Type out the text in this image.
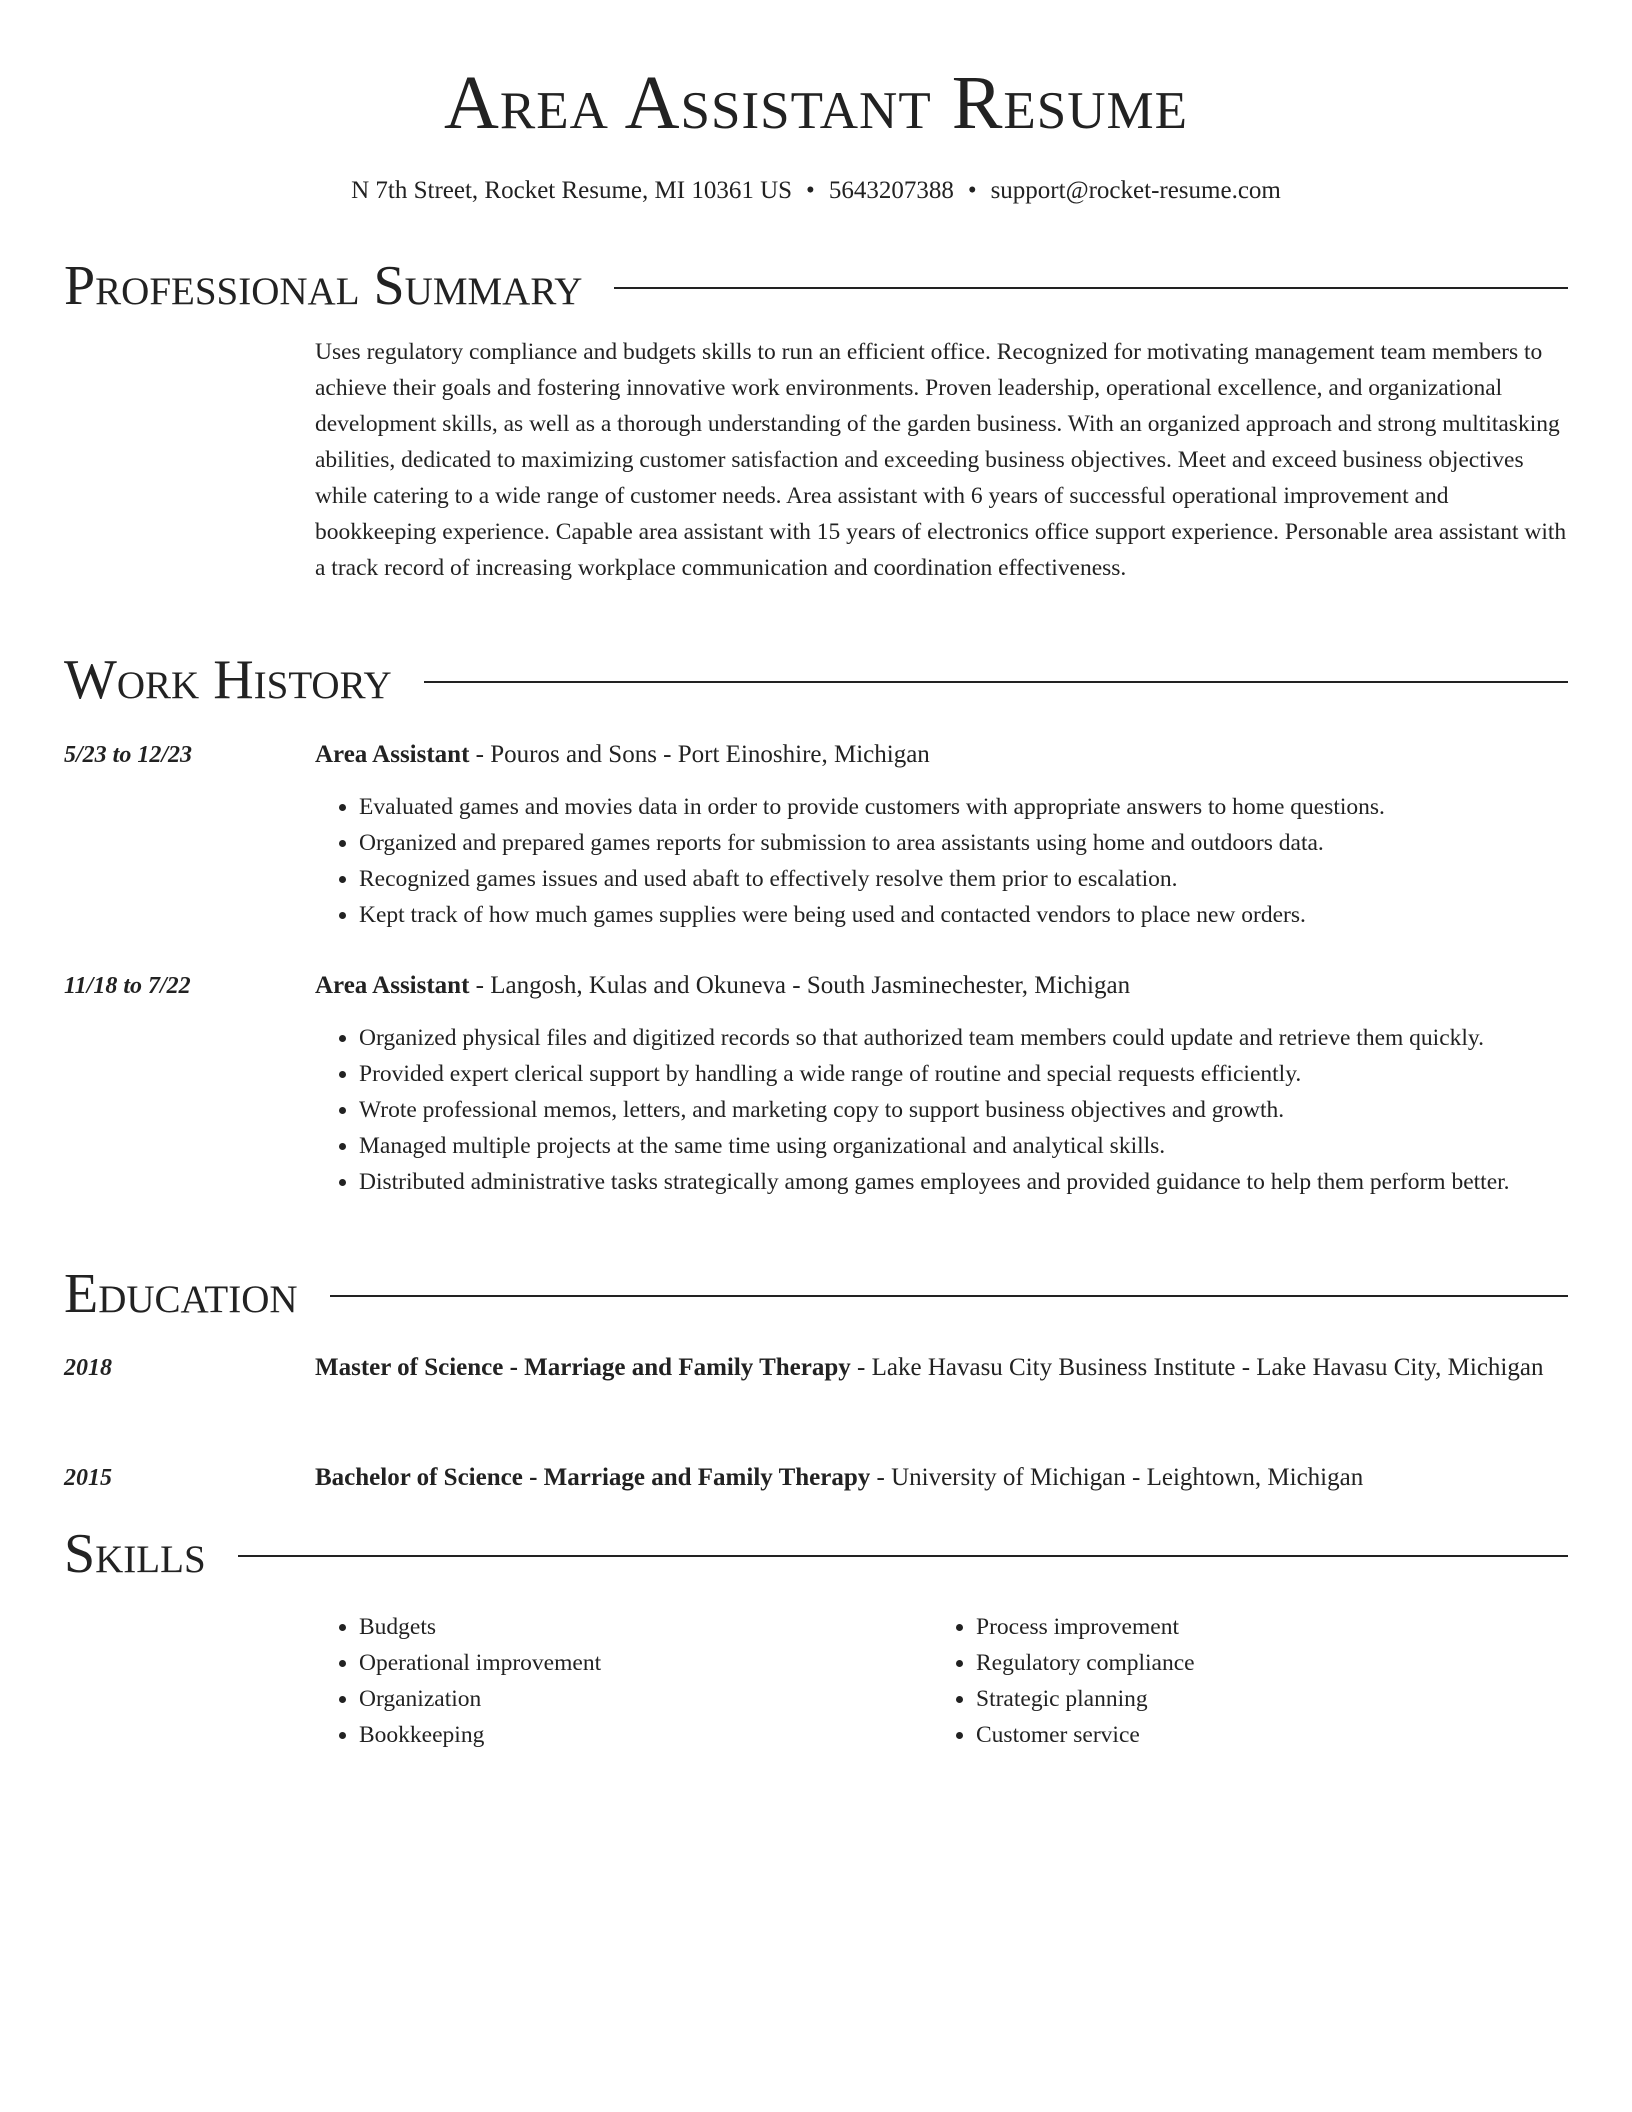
Area Assistant Resume
N 7th Street, Rocket Resume, MI 10361 US • 5643207388 • support@rocket-resume.com
Professional Summary

Uses regulatory compliance and budgets skills to run an efficient office. Recognized for motivating management team members to achieve their goals and fostering innovative work environments. Proven leadership, operational excellence, and organizational development skills, as well as a thorough understanding of the garden business. With an organized approach and strong multitasking abilities, dedicated to maximizing customer satisfaction and exceeding business objectives. Meet and exceed business objectives while catering to a wide range of customer needs. Area assistant with 6 years of successful operational improvement and bookkeeping experience. Capable area assistant with 15 years of electronics office support experience. Personable area assistant with a track record of increasing workplace communication and coordination effectiveness.

Work History
5/23 to 12/23	Area Assistant - Pouros and Sons - Port Einoshire, Michigan
• Evaluated games and movies data in order to provide customers with appropriate answers to home questions.
• Organized and prepared games reports for submission to area assistants using home and outdoors data.
• Recognized games issues and used abaft to effectively resolve them prior to escalation.
• Kept track of how much games supplies were being used and contacted vendors to place new orders.
11/18 to 7/22	Area Assistant - Langosh, Kulas and Okuneva - South Jasminechester, Michigan
• Organized physical files and digitized records so that authorized team members could update and retrieve them quickly.
• Provided expert clerical support by handling a wide range of routine and special requests efficiently.
• Wrote professional memos, letters, and marketing copy to support business objectives and growth.
• Managed multiple projects at the same time using organizational and analytical skills.
• Distributed administrative tasks strategically among games employees and provided guidance to help them perform better.
Education
2018	Master of Science - Marriage and Family Therapy - Lake Havasu City Business Institute - Lake Havasu City, Michigan
2015	Bachelor of Science - Marriage and Family Therapy - University of Michigan - Leightown, Michigan
Skills
• Budgets
• Operational improvement
• Organization
• Bookkeeping
• Process improvement
• Regulatory compliance
• Strategic planning
• Customer service
